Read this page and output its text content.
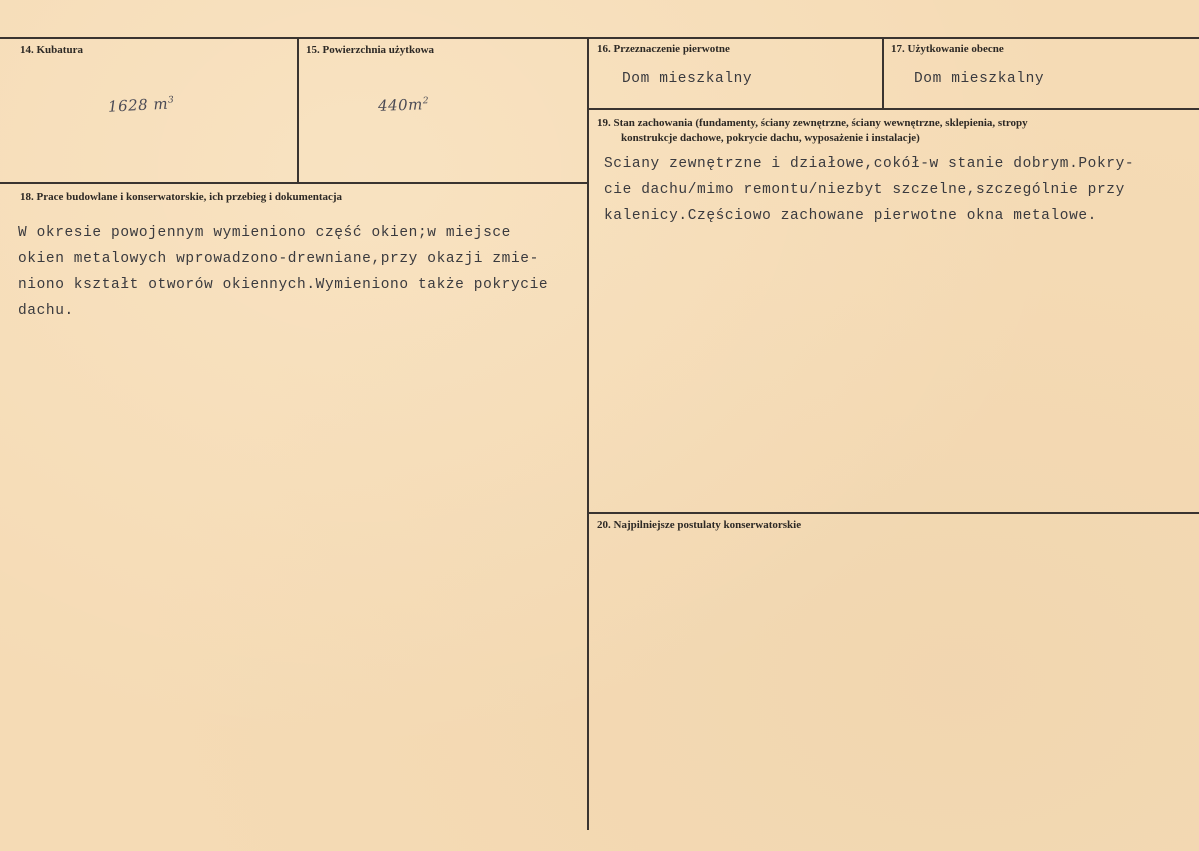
14. Kubatura
1628 $m^3$
15. Powierzchnia użytkowa
$440m^2$
16. Przeznaczenie pierwotne
Dom mieszkalny
17. Użytkowanie obecne
Dom mieszkalny
18. Prace budowlane i konserwatorskie, ich przebieg i dokumentacja
W okresie powojennym wymieniono część okien;w miejsce
okien metalowych wprowadzono-drewniane,przy okazji zmie-
niono kształt otworów okiennych.Wymieniono także pokrycie
dachu.
19. Stan zachowania (fundamenty, ściany zewnętrzne, ściany wewnętrzne, sklepienia, stropy
konstrukcje dachowe, pokrycie dachu, wyposażenie i instalacje)
Sciany zewnętrzne i działowe,cokół-w stanie dobrym.Pokry-
cie dachu/mimo remontu/niezbyt szczelne,szczególnie przy
kalenicy.Częściowo zachowane pierwotne okna metalowe.
20. Najpilniejsze postulaty konserwatorskie
